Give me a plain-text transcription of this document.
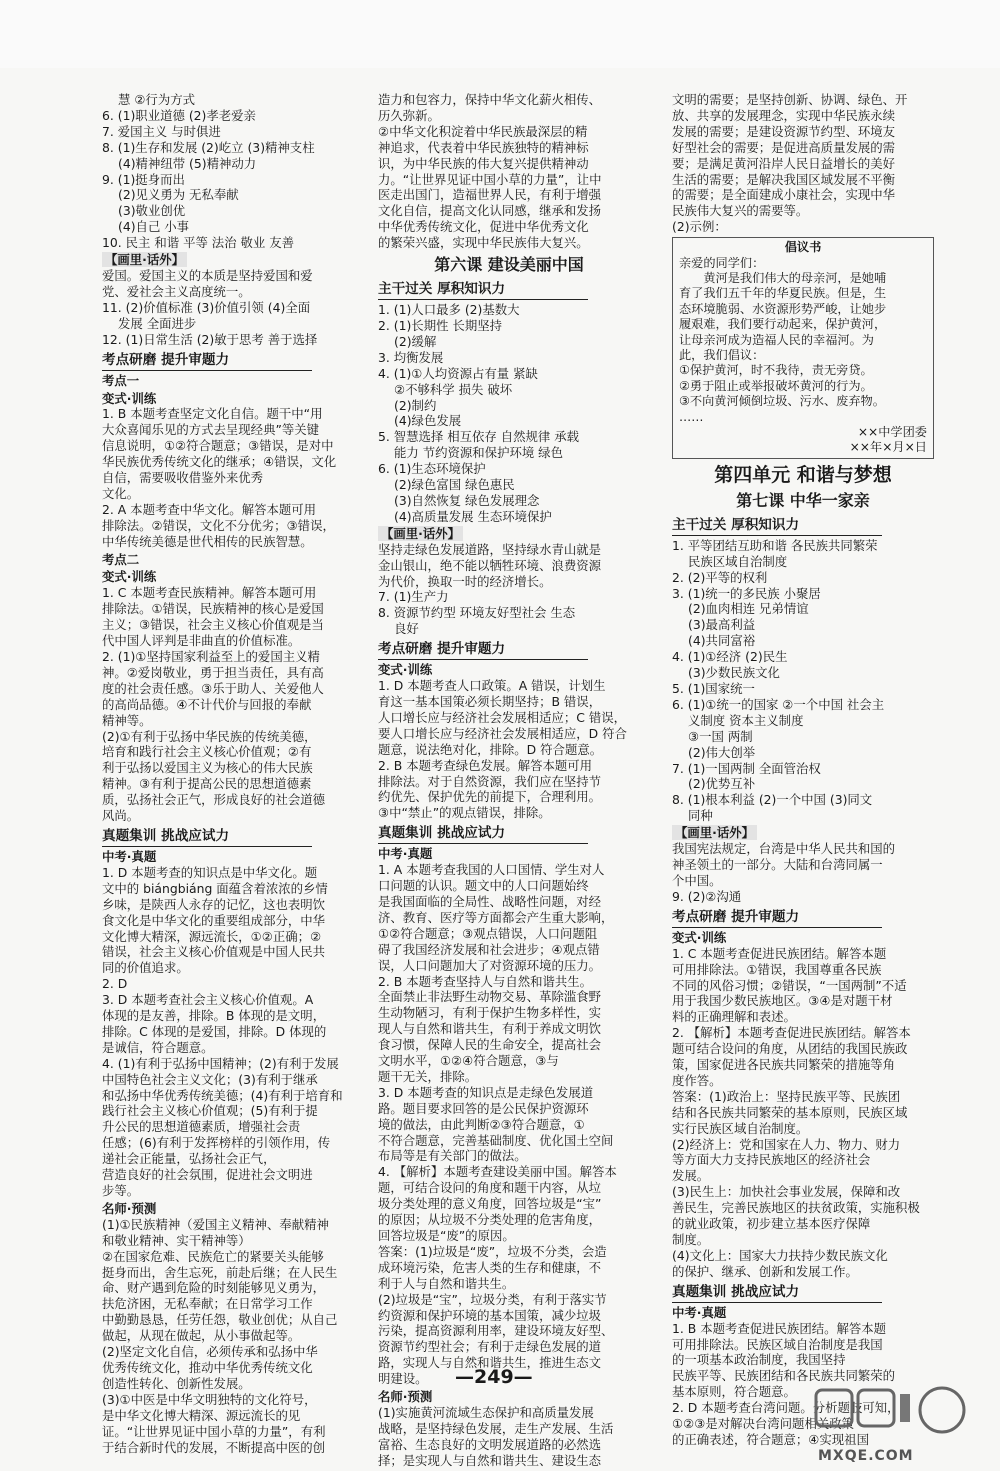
慧 ②行为方式
6. (1)职业道德 (2)孝老爱亲
7. 爱国主义 与时俱进
8. (1)生存和发展 (2)屹立 (3)精神支柱
(4)精神纽带 (5)精神动力
9. (1)挺身而出
(2)见义勇为 无私奉献
(3)敬业创优
(4)自己 小事
10. 民主 和谐 平等 法治 敬业 友善
【画里·话外】
爱国。爱国主义的本质是坚持爱国和爱
党、爱社会主义高度统一。
11. (2)价值标准 (3)价值引领 (4)全面
发展 全面进步
12. (1)日常生活 (2)敏于思考 善于选择
考点研磨 提升审题力
考点一
变式·训练
1. B 本题考查坚定文化自信。题干中“用
大众喜闻乐见的方式去呈现经典”等关键
信息说明，①②符合题意；③错误，是对中
华民族优秀传统文化的继承；④错误，文化
自信，需要吸收借鉴外来优秀
文化。
2. A 本题考查中华文化。解答本题可用
排除法。②错误，文化不分优劣；③错误，
中华传统美德是世代相传的民族智慧。
考点二
变式·训练
1. C 本题考查民族精神。解答本题可用
排除法。①错误，民族精神的核心是爱国
主义；③错误，社会主义核心价值观是当
代中国人评判是非曲直的价值标准。
2. (1)①坚持国家利益至上的爱国主义精
神。②爱岗敬业，勇于担当责任，具有高
度的社会责任感。③乐于助人、关爱他人
的高尚品德。④不计代价与回报的奉献
精神等。
(2)①有利于弘扬中华民族的传统美德，
培育和践行社会主义核心价值观；②有
利于弘扬以爱国主义为核心的伟大民族
精神。③有利于提高公民的思想道德素
质，弘扬社会正气，形成良好的社会道德
风尚。
真题集训 挑战应试力
中考·真题
1. D 本题考查的知识点是中华文化。题
文中的 biángbiáng 面蕴含着浓浓的乡情
乡味，是陕西人永存的记忆，这也表明饮
食文化是中华文化的重要组成部分，中华
文化博大精深，源远流长，①②正确；②
错误，社会主义核心价值观是中国人民共
同的价值追求。
2. D
3. D 本题考查社会主义核心价值观。A
体现的是友善，排除。B 体现的是文明，
排除。C 体现的是爱国，排除。D 体现的
是诚信，符合题意。
4. (1)有利于弘扬中国精神；(2)有利于发展
中国特色社会主义文化；(3)有利于继承
和弘扬中华优秀传统美德；(4)有利于培育和
践行社会主义核心价值观；(5)有利于提
升公民的思想道德素质，增强社会责
任感；(6)有利于发挥榜样的引领作用，传
递社会正能量，弘扬社会正气，
营造良好的社会氛围，促进社会文明进
步等。
名师·预测
(1)①民族精神（爱国主义精神、奉献精神
和敬业精神、实干精神等）
②在国家危难、民族危亡的紧要关头能够
挺身而出，舍生忘死，前赴后继；在人民生
命、财产遇到危险的时刻能够见义勇为，
扶危济困，无私奉献；在日常学习工作
中勤勤恳恳，任劳任怨，敬业创优；从自己
做起，从现在做起，从小事做起等。
(2)坚定文化自信，必须传承和弘扬中华
优秀传统文化，推动中华优秀传统文化
创造性转化、创新性发展。
(3)①中医是中华文明独特的文化符号，
是中华文化博大精深、源远流长的见
证。“让世界见证中国小草的力量”，有利
于结合新时代的发展，不断提高中医的创
造力和包容力，保持中华文化薪火相传、
历久弥新。
②中华文化积淀着中华民族最深层的精
神追求，代表着中华民族独特的精神标
识，为中华民族的伟大复兴提供精神动
力。“让世界见证中国小草的力量”，让中
医走出国门，造福世界人民，有利于增强
文化自信，提高文化认同感，继承和发扬
中华优秀传统文化，促进中华优秀文化
的繁荣兴盛，实现中华民族伟大复兴。
第六课 建设美丽中国
主干过关 厚积知识力
1. (1)人口最多 (2)基数大
2. (1)长期性 长期坚持
(2)缓解
3. 均衡发展
4. (1)①人均资源占有量 紧缺
②不够科学 损失 破坏
(2)制约
(4)绿色发展
5. 智慧选择 相互依存 自然规律 承载
能力 节约资源和保护环境 绿色
6. (1)生态环境保护
(2)绿色富国 绿色惠民
(3)自然恢复 绿色发展理念
(4)高质量发展 生态环境保护
【画里·话外】
坚持走绿色发展道路，坚持绿水青山就是
金山银山，绝不能以牺牲环境、浪费资源
为代价，换取一时的经济增长。
7. (1)生产力
8. 资源节约型 环境友好型社会 生态
良好
考点研磨 提升审题力
变式·训练
1. D 本题考查人口政策。A 错误，计划生
育这一基本国策必须长期坚持；B 错误，
人口增长应与经济社会发展相适应；C 错误，
要人口增长应与经济社会发展相适应，D 符合
题意，说法绝对化，排除。D 符合题意。
2. B 本题考查绿色发展。解答本题可用
排除法。对于自然资源，我们应在坚持节
约优先、保护优先的前提下，合理利用。
③中“禁止”的观点错误，排除。
真题集训 挑战应试力
中考·真题
1. A 本题考查我国的人口国情、学生对人
口问题的认识。题文中的人口问题始终
是我国面临的全局性、战略性问题，对经
济、教育、医疗等方面都会产生重大影响，
①②符合题意；③观点错误，人口问题阻
碍了我国经济发展和社会进步；④观点错
误，人口问题加大了对资源环境的压力。
2. B 本题考查坚持人与自然和谐共生。
全面禁止非法野生动物交易、革除滥食野
生动物陋习，有利于保护生物多样性，实
现人与自然和谐共生，有利于养成文明饮
食习惯，保障人民的生命安全，提高社会
文明水平，①②④符合题意，③与
题干无关，排除。
3. D 本题考查的知识点是走绿色发展道
路。题目要求回答的是公民保护资源环
境的做法，由此判断②③符合题意，①
不符合题意，完善基础制度、优化国土空间
布局等是有关部门的做法。
4. 【解析】本题考查建设美丽中国。解答本
题，可结合设问的角度和题干内容，从垃
圾分类处理的意义角度，回答垃圾是“宝”
的原因；从垃圾不分类处理的危害角度，
回答垃圾是“废”的原因。
答案：(1)垃圾是“废”，垃圾不分类，会造
成环境污染，危害人类的生存和健康，不
利于人与自然和谐共生。
(2)垃圾是“宝”，垃圾分类，有利于落实节
约资源和保护环境的基本国策，减少垃圾
污染，提高资源利用率，建设环境友好型、
资源节约型社会；有利于走绿色发展的道
路，实现人与自然和谐共生，推进生态文
明建设。
名师·预测
(1)实施黄河流域生态保护和高质量发展
战略，是坚持绿色发展，走生产发展、生活
富裕、生态良好的文明发展道路的必然选
择；是实现人与自然和谐共生、建设生态
文明的需要；是坚持创新、协调、绿色、开
放、共享的发展理念，实现中华民族永续
发展的需要；是建设资源节约型、环境友
好型社会的需要；是促进高质量发展的需
要；是满足黄河沿岸人民日益增长的美好
生活的需要；是解决我国区域发展不平衡
的需要；是全面建成小康社会，实现中华
民族伟大复兴的需要等。
(2)示例：
倡议书
亲爱的同学们：
　　黄河是我们伟大的母亲河，是她哺
育了我们五千年的华夏民族。但是，生
态环境脆弱、水资源形势严峻，让她步
履艰难，我们要行动起来，保护黄河，
让母亲河成为造福人民的幸福河。为
此，我们倡议：
①保护黄河，时不我待，责无旁贷。
②勇于阻止或举报破坏黄河的行为。
③不向黄河倾倒垃圾、污水、废弃物。
……
××中学团委
××年×月×日
第四单元 和谐与梦想
第七课 中华一家亲
主干过关 厚积知识力
1. 平等团结互助和谐 各民族共同繁荣
民族区域自治制度
2. (2)平等的权利
3. (1)统一的多民族 小聚居
(2)血肉相连 兄弟情谊
(3)最高利益
(4)共同富裕
4. (1)①经济 (2)民生
(3)少数民族文化
5. (1)国家统一
6. (1)①统一的国家 ②一个中国 社会主
义制度 资本主义制度
③一国 两制
(2)伟大创举
7. (1)一国两制 全面管治权
(2)优势互补
8. (1)根本利益 (2)一个中国 (3)同文
同种
【画里·话外】
我国宪法规定，台湾是中华人民共和国的
神圣领土的一部分。大陆和台湾同属一
个中国。
9. (2)②沟通
考点研磨 提升审题力
变式·训练
1. C 本题考查促进民族团结。解答本题
可用排除法。①错误，我国尊重各民族
不同的风俗习惯；②错误，“一国两制”不适
用于我国少数民族地区。③④是对题干材
料的正确理解和表述。
2. 【解析】本题考查促进民族团结。解答本
题可结合设问的角度，从团结的我国民族政
策，国家促进各民族共同繁荣的措施等角
度作答。
答案：(1)政治上：坚持民族平等、民族团
结和各民族共同繁荣的基本原则，民族区域
实行民族区域自治制度。
(2)经济上：党和国家在人力、物力、财力
等方面大力支持民族地区的经济社会
发展。
(3)民生上：加快社会事业发展，保障和改
善民生，完善民族地区的扶贫政策，实施积极
的就业政策，初步建立基本医疗保障
制度。
(4)文化上：国家大力扶持少数民族文化
的保护、继承、创新和发展工作。
真题集训 挑战应试力
中考·真题
1. B 本题考查促进民族团结。解答本题
可用排除法。民族区域自治制度是我国
的一项基本政治制度，我国坚持
民族平等、民族团结和各民族共同繁荣的
基本原则，符合题意。
2. D 本题考查台湾问题。分析题肢可知，
①②③是对解决台湾问题相关政策
的正确表述，符合题意；④实现祖国
—249—
MXQE.COM
